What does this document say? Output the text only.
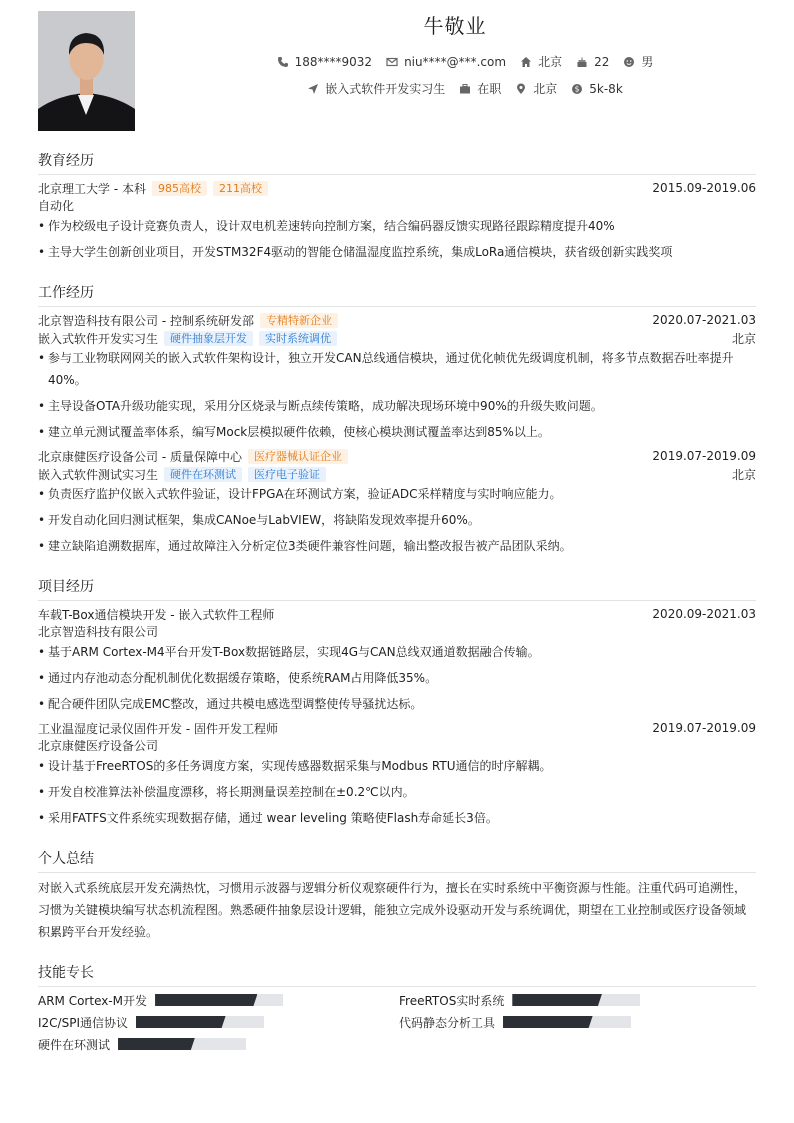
牛敬业
188****9032	niu****@***.com	北京	22	男
嵌入式软件开发实习生	在职	北京 $ 5k-8k
教育经历
北京理工大学 - 本科	985高校	211高校	2015.09-2019.06
自动化
• 作为校级电子设计竞赛负责人，设计双电机差速转向控制方案，结合编码器反馈实现路径跟踪精度提升40%
• 主导大学生创新创业项目，开发STM32F4驱动的智能仓储温湿度监控系统，集成LoRa通信模块，获省级创新实践奖项
工作经历
北京智造科技有限公司 - 控制系统研发部	专精特新企业	2020.07-2021.03
嵌入式软件开发实习生	硬件抽象层开发	实时系统调优	北京
• 参与工业物联网网关的嵌入式软件架构设计，独立开发CAN总线通信模块，通过优化帧优先级调度机制，将多节点数据吞吐率提升
40%。
• 主导设备OTA升级功能实现，采用分区烧录与断点续传策略，成功解决现场环境中90%的升级失败问题。
• 建立单元测试覆盖率体系，编写Mock层模拟硬件依赖，使核心模块测试覆盖率达到85%以上。
北京康健医疗设备公司 - 质量保障中心	医疗器械认证企业	2019.07-2019.09
嵌入式软件测试实习生	硬件在环测试	医疗电子验证	北京
• 负责医疗监护仪嵌入式软件验证，设计FPGA在环测试方案，验证ADC采样精度与实时响应能力。
• 开发自动化回归测试框架，集成CANoe与LabVIEW，将缺陷发现效率提升60%。
• 建立缺陷追溯数据库，通过故障注入分析定位3类硬件兼容性问题，输出整改报告被产品团队采纳。
项目经历
车载T-Box通信模块开发 - 嵌入式软件工程师	2020.09-2021.03
北京智造科技有限公司
• 基于ARM Cortex-M4平台开发T-Box数据链路层，实现4G与CAN总线双通道数据融合传输。
• 通过内存池动态分配机制优化数据缓存策略，使系统RAM占用降低35%。
• 配合硬件团队完成EMC整改，通过共模电感选型调整使传导骚扰达标。
工业温湿度记录仪固件开发 - 固件开发工程师	2019.07-2019.09
北京康健医疗设备公司
• 设计基于FreeRTOS的多任务调度方案，实现传感器数据采集与Modbus RTU通信的时序解耦。
• 开发自校准算法补偿温度漂移，将长期测量误差控制在±0.2℃以内。
• 采用FATFS文件系统实现数据存储，通过 wear leveling 策略使Flash寿命延长3倍。
个人总结
对嵌入式系统底层开发充满热忱，习惯用示波器与逻辑分析仪观察硬件行为，擅长在实时系统中平衡资源与性能。注重代码可追溯性，习惯为关键模块编写状态机流程图。熟悉硬件抽象层设计逻辑，能独立完成外设驱动开发与系统调优，期望在工业控制或医疗设备领域积累跨平台开发经验。
技能专长
ARM Cortex-M开发	FreeRTOS实时系统
I2C/SPI通信协议	代码静态分析工具
硬件在环测试
